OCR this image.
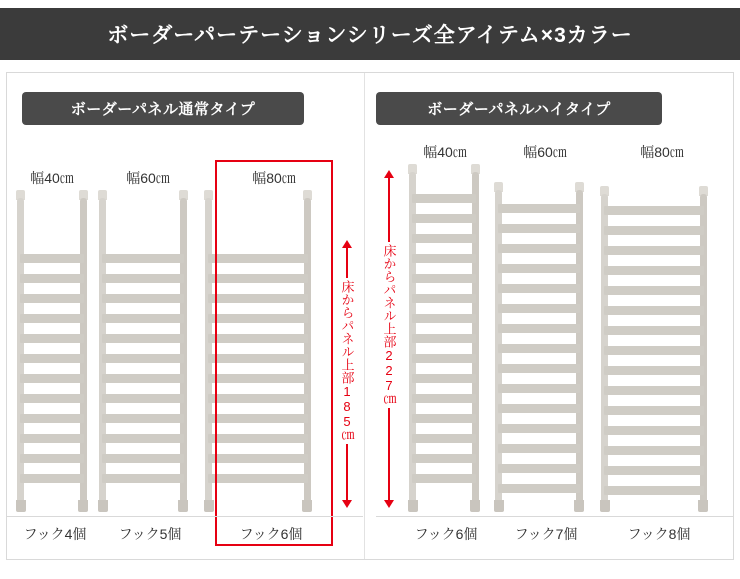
ボーダーパーテーションシリーズ全アイテム×3カラー
ボーダーパネル通常タイプ	ボーダーパネルハイタイプ
幅40㎝	幅60㎝	幅80㎝
床からパネル上部185㎝
フック4個	フック5個	フック6個
幅40㎝	幅60㎝	幅80㎝
床からパネル上部227㎝
フック6個	フック7個	フック8個
